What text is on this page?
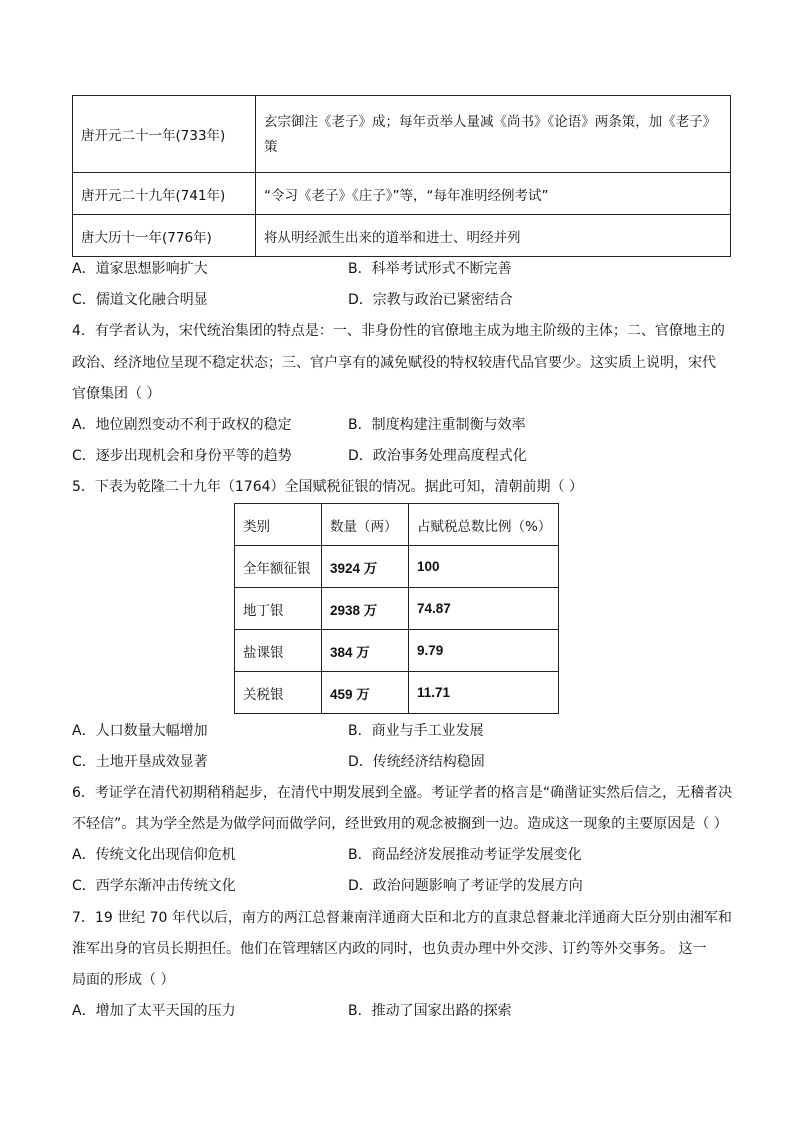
唐开元二十一年(733年)	玄宗御注《老子》成；每年贡举人量减《尚书》《论语》两条策，加《老子》策
唐开元二十九年(741年)	“令习《老子》《庄子》”等，“每年准明经例考试”
唐大历十一年(776年)	将从明经派生出来的道举和进士、明经并列
A．道家思想影响扩大	B．科举考试形式不断完善
C．儒道文化融合明显	D．宗教与政治已紧密结合
4．有学者认为，宋代统治集团的特点是：一、非身份性的官僚地主成为地主阶级的主体；二、官僚地主的
政治、经济地位呈现不稳定状态；三、官户享有的减免赋役的特权较唐代品官要少。这实质上说明，宋代
官僚集团（ ）
A．地位剧烈变动不利于政权的稳定	B．制度构建注重制衡与效率
C．逐步出现机会和身份平等的趋势	D．政治事务处理高度程式化
5．下表为乾隆二十九年（1764）全国赋税征银的情况。据此可知，清朝前期（ ）
类别	数量（两）	占赋税总数比例（%）
全年额征银	3924 万	100
地丁银	2938 万	74.87
盐课银	384 万	9.79
关税银	459 万	11.71
A．人口数量大幅增加	B．商业与手工业发展
C．土地开垦成效显著	D．传统经济结构稳固
6．考证学在清代初期稍稍起步，在清代中期发展到全盛。考证学者的格言是“确凿证实然后信之，无稽者决
不轻信”。其为学全然是为做学问而做学问，经世致用的观念被搁到一边。造成这一现象的主要原因是（ ）
A．传统文化出现信仰危机	B．商品经济发展推动考证学发展变化
C．西学东渐冲击传统文化	D．政治问题影响了考证学的发展方向
7．19 世纪 70 年代以后，南方的两江总督兼南洋通商大臣和北方的直隶总督兼北洋通商大臣分别由湘军和
淮军出身的官员长期担任。他们在管理辖区内政的同时，也负责办理中外交涉、订约等外交事务。 这一
局面的形成（ ）
A．增加了太平天国的压力	B．推动了国家出路的探索
